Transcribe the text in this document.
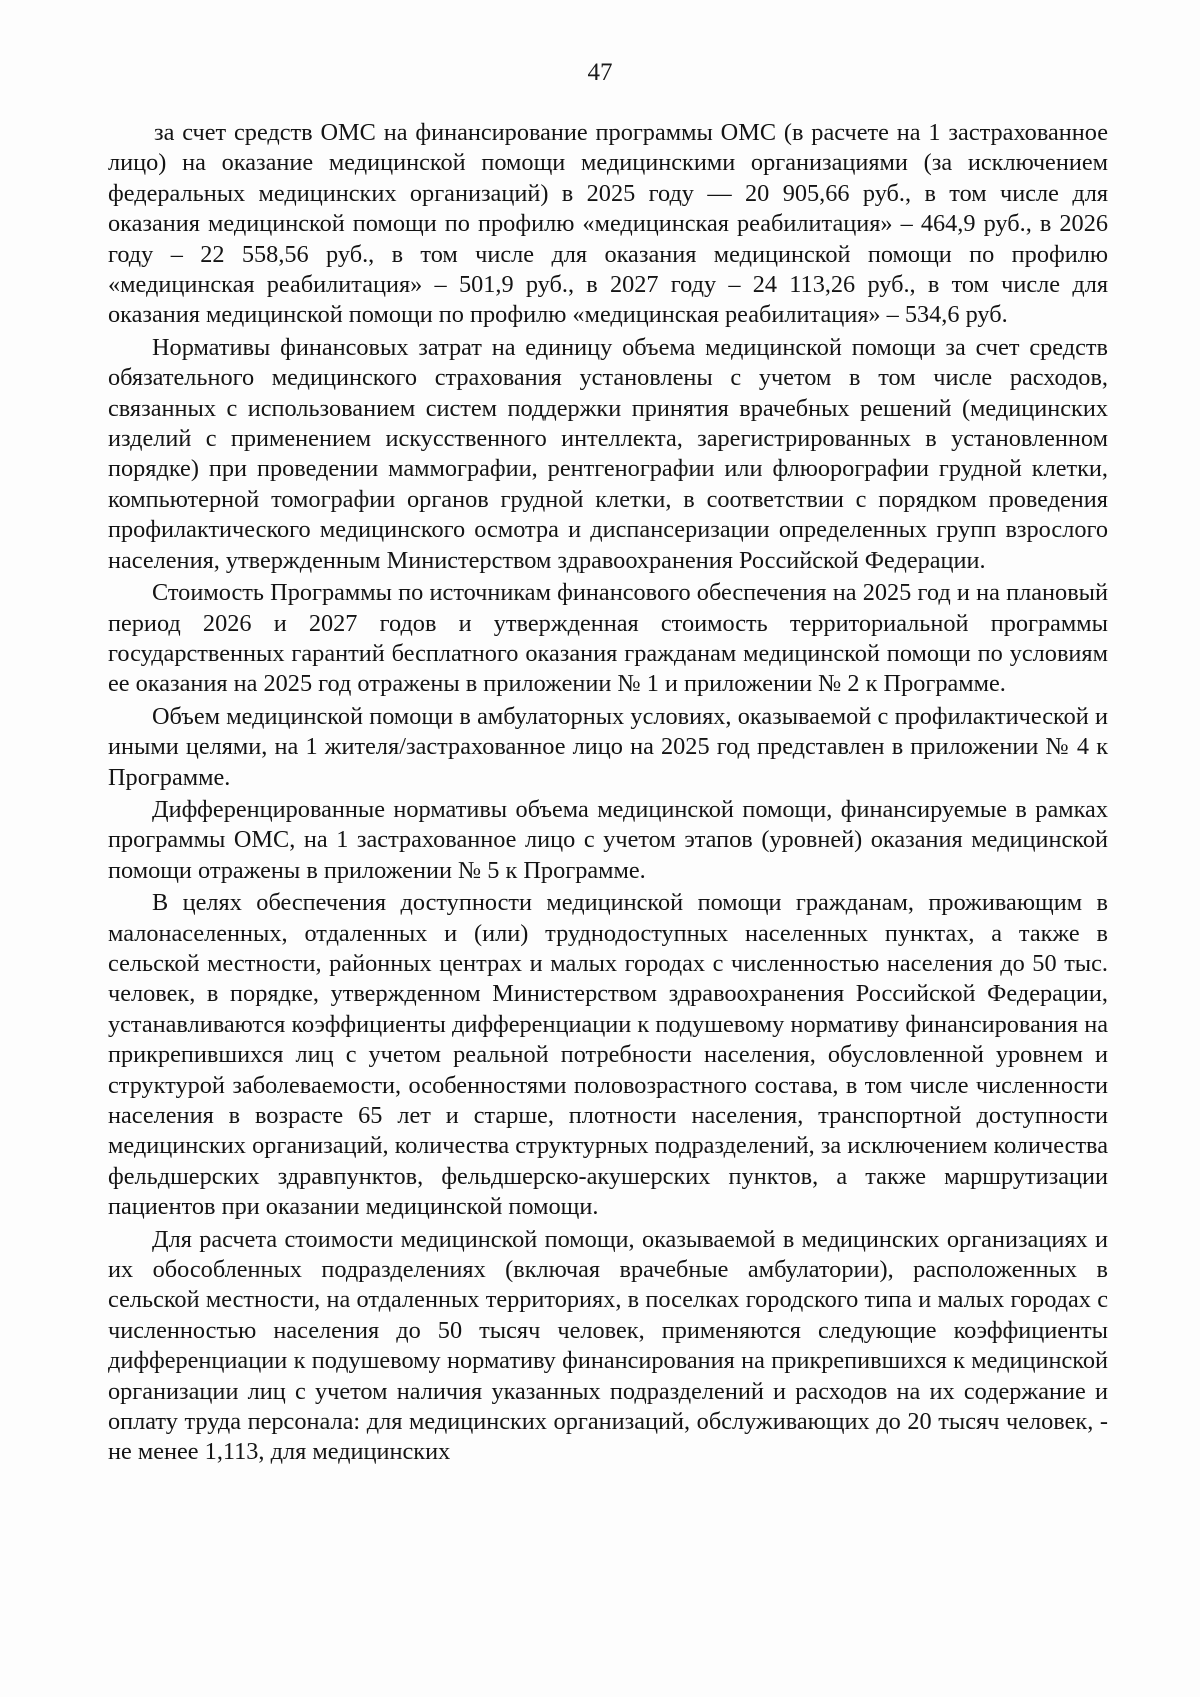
47

за счет средств ОМС на финансирование программы ОМС (в расчете на 1 застрахованное лицо) на оказание медицинской помощи медицинскими организациями (за исключением федеральных медицинских организаций) в 2025 году — 20 905,66 руб., в том числе для оказания медицинской помощи по профилю «медицинская реабилитация» – 464,9 руб., в 2026 году – 22 558,56 руб., в том числе для оказания медицинской помощи по профилю «медицинская реабилитация» – 501,9 руб., в 2027 году – 24 113,26 руб., в том числе для оказания медицинской помощи по профилю «медицинская реабилитация» – 534,6 руб.

Нормативы финансовых затрат на единицу объема медицинской помощи за счет средств обязательного медицинского страхования установлены с учетом в том числе расходов, связанных с использованием систем поддержки принятия врачебных решений (медицинских изделий с применением искусственного интеллекта, зарегистрированных в установленном порядке) при проведении маммографии, рентгенографии или флюорографии грудной клетки, компьютерной томографии органов грудной клетки, в соответствии с порядком проведения профилактического медицинского осмотра и диспансеризации определенных групп взрослого населения, утвержденным Министерством здравоохранения Российской Федерации.

Стоимость Программы по источникам финансового обеспечения на 2025 год и на плановый период 2026 и 2027 годов и утвержденная стоимость территориальной программы государственных гарантий бесплатного оказания гражданам медицинской помощи по условиям ее оказания на 2025 год отражены в приложении № 1 и приложении № 2 к Программе.

Объем медицинской помощи в амбулаторных условиях, оказываемой с профилактической и иными целями, на 1 жителя/застрахованное лицо на 2025 год представлен в приложении № 4 к Программе.

Дифференцированные нормативы объема медицинской помощи, финансируемые в рамках программы ОМС, на 1 застрахованное лицо с учетом этапов (уровней) оказания медицинской помощи отражены в приложении № 5 к Программе.

В целях обеспечения доступности медицинской помощи гражданам, проживающим в малонаселенных, отдаленных и (или) труднодоступных населенных пунктах, а также в сельской местности, районных центрах и малых городах с численностью населения до 50 тыс. человек, в порядке, утвержденном Министерством здравоохранения Российской Федерации, устанавливаются коэффициенты дифференциации к подушевому нормативу финансирования на прикрепившихся лиц с учетом реальной потребности населения, обусловленной уровнем и структурой заболеваемости, особенностями половозрастного состава, в том числе численности населения в возрасте 65 лет и старше, плотности населения, транспортной доступности медицинских организаций, количества структурных подразделений, за исключением количества фельдшерских здравпунктов, фельдшерско-акушерских пунктов, а также маршрутизации пациентов при оказании медицинской помощи.

Для расчета стоимости медицинской помощи, оказываемой в медицинских организациях и их обособленных подразделениях (включая врачебные амбулатории), расположенных в сельской местности, на отдаленных территориях, в поселках городского типа и малых городах с численностью населения до 50 тысяч человек, применяются следующие коэффициенты дифференциации к подушевому нормативу финансирования на прикрепившихся к медицинской организации лиц с учетом наличия указанных подразделений и расходов на их содержание и оплату труда персонала: для медицинских организаций, обслуживающих до 20 тысяч человек, - не менее 1,113, для медицинских
